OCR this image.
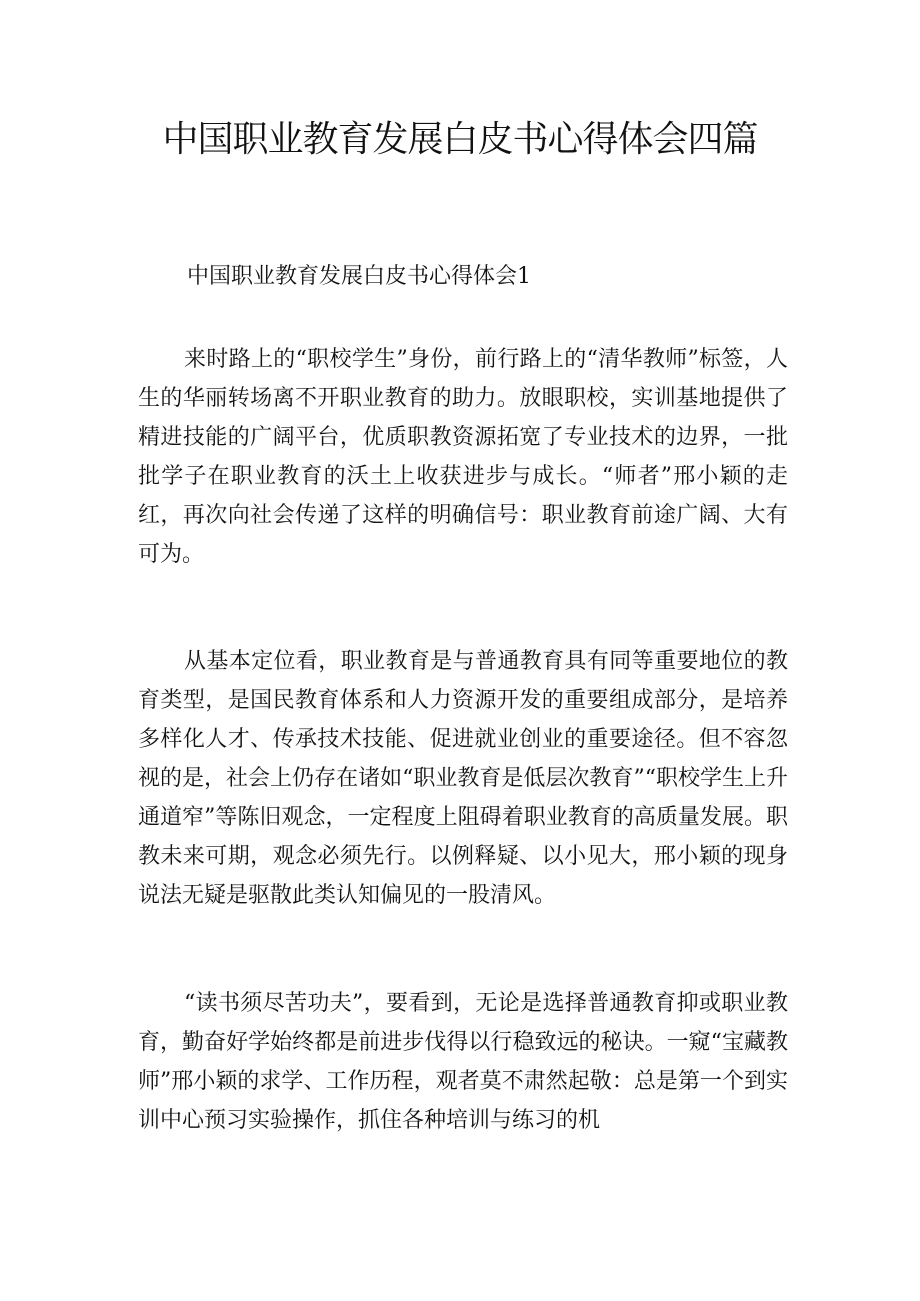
中国职业教育发展白皮书心得体会四篇
中国职业教育发展白皮书心得体会1
来时路上的“职校学生”身份，前行路上的“清华教师”标签，人生的华丽转场离不开职业教育的助力。放眼职校，实训基地提供了精进技能的广阔平台，优质职教资源拓宽了专业技术的边界，一批批学子在职业教育的沃土上收获进步与成长。“师者”邢小颖的走红，再次向社会传递了这样的明确信号：职业教育前途广阔、大有可为。
从基本定位看，职业教育是与普通教育具有同等重要地位的教育类型，是国民教育体系和人力资源开发的重要组成部分，是培养多样化人才、传承技术技能、促进就业创业的重要途径。但不容忽视的是，社会上仍存在诸如“职业教育是低层次教育”“职校学生上升通道窄”等陈旧观念，一定程度上阻碍着职业教育的高质量发展。职教未来可期，观念必须先行。以例释疑、以小见大，邢小颖的现身说法无疑是驱散此类认知偏见的一股清风。
“读书须尽苦功夫”，要看到，无论是选择普通教育抑或职业教育，勤奋好学始终都是前进步伐得以行稳致远的秘诀。一窥“宝藏教师”邢小颖的求学、工作历程，观者莫不肃然起敬：总是第一个到实训中心预习实验操作，抓住各种培训与练习的机
